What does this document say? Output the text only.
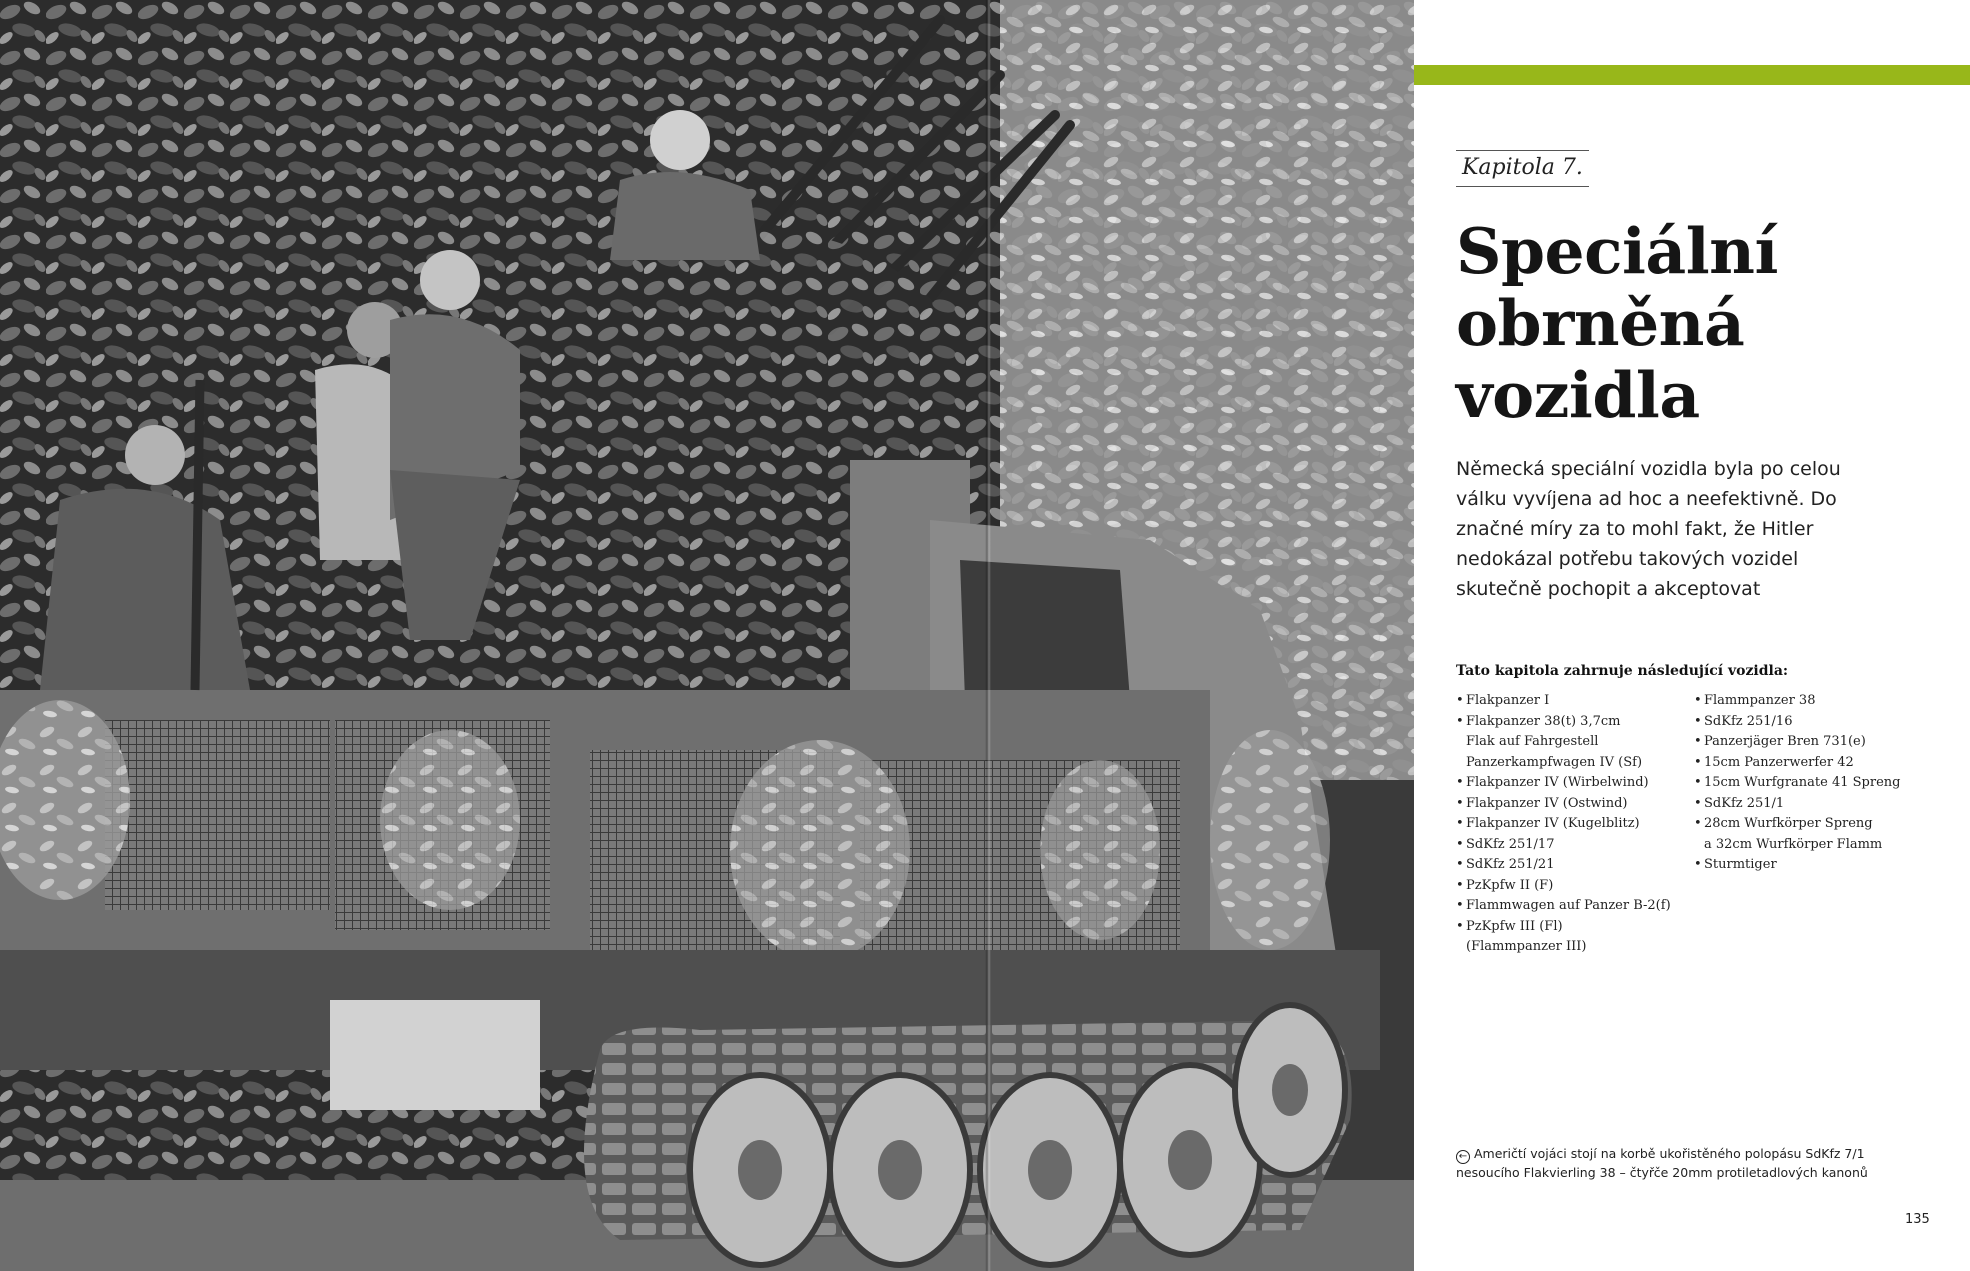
Kapitola 7.
Speciální
obrněná
vozidla

Německá speciální vozidla byla po celou válku vyvíjena ad hoc a neefektivně. Do značné míry za to mohl fakt, že Hitler nedokázal potřebu takových vozidel skutečně pochopit a akceptovat

Tato kapitola zahrnuje následující vozidla:
• Flakpanzer I
• Flakpanzer 38(t) 3,7cm
Flak auf Fahrgestell
Panzerkampfwagen IV (Sf)
• Flakpanzer IV (Wirbelwind)
• Flakpanzer IV (Ostwind)
• Flakpanzer IV (Kugelblitz)
• SdKfz 251/17
• SdKfz 251/21
• PzKpfw II (F)
• Flammwagen auf Panzer B-2(f)
• PzKpfw III (Fl)
(Flammpanzer III)
• Flammpanzer 38
• SdKfz 251/16
• Panzerjäger Bren 731(e)
• 15cm Panzerwerfer 42
• 15cm Wurfgranate 41 Spreng
• SdKfz 251/1
• 28cm Wurfkörper Spreng
a 32cm Wurfkörper Flamm
• Sturmtiger
← Američtí vojáci stojí na korbě ukořistěného polopásu SdKfz 7/1 nesoucího Flakvierling 38 – čtyřče 20mm protiletadlových kanonů
135
